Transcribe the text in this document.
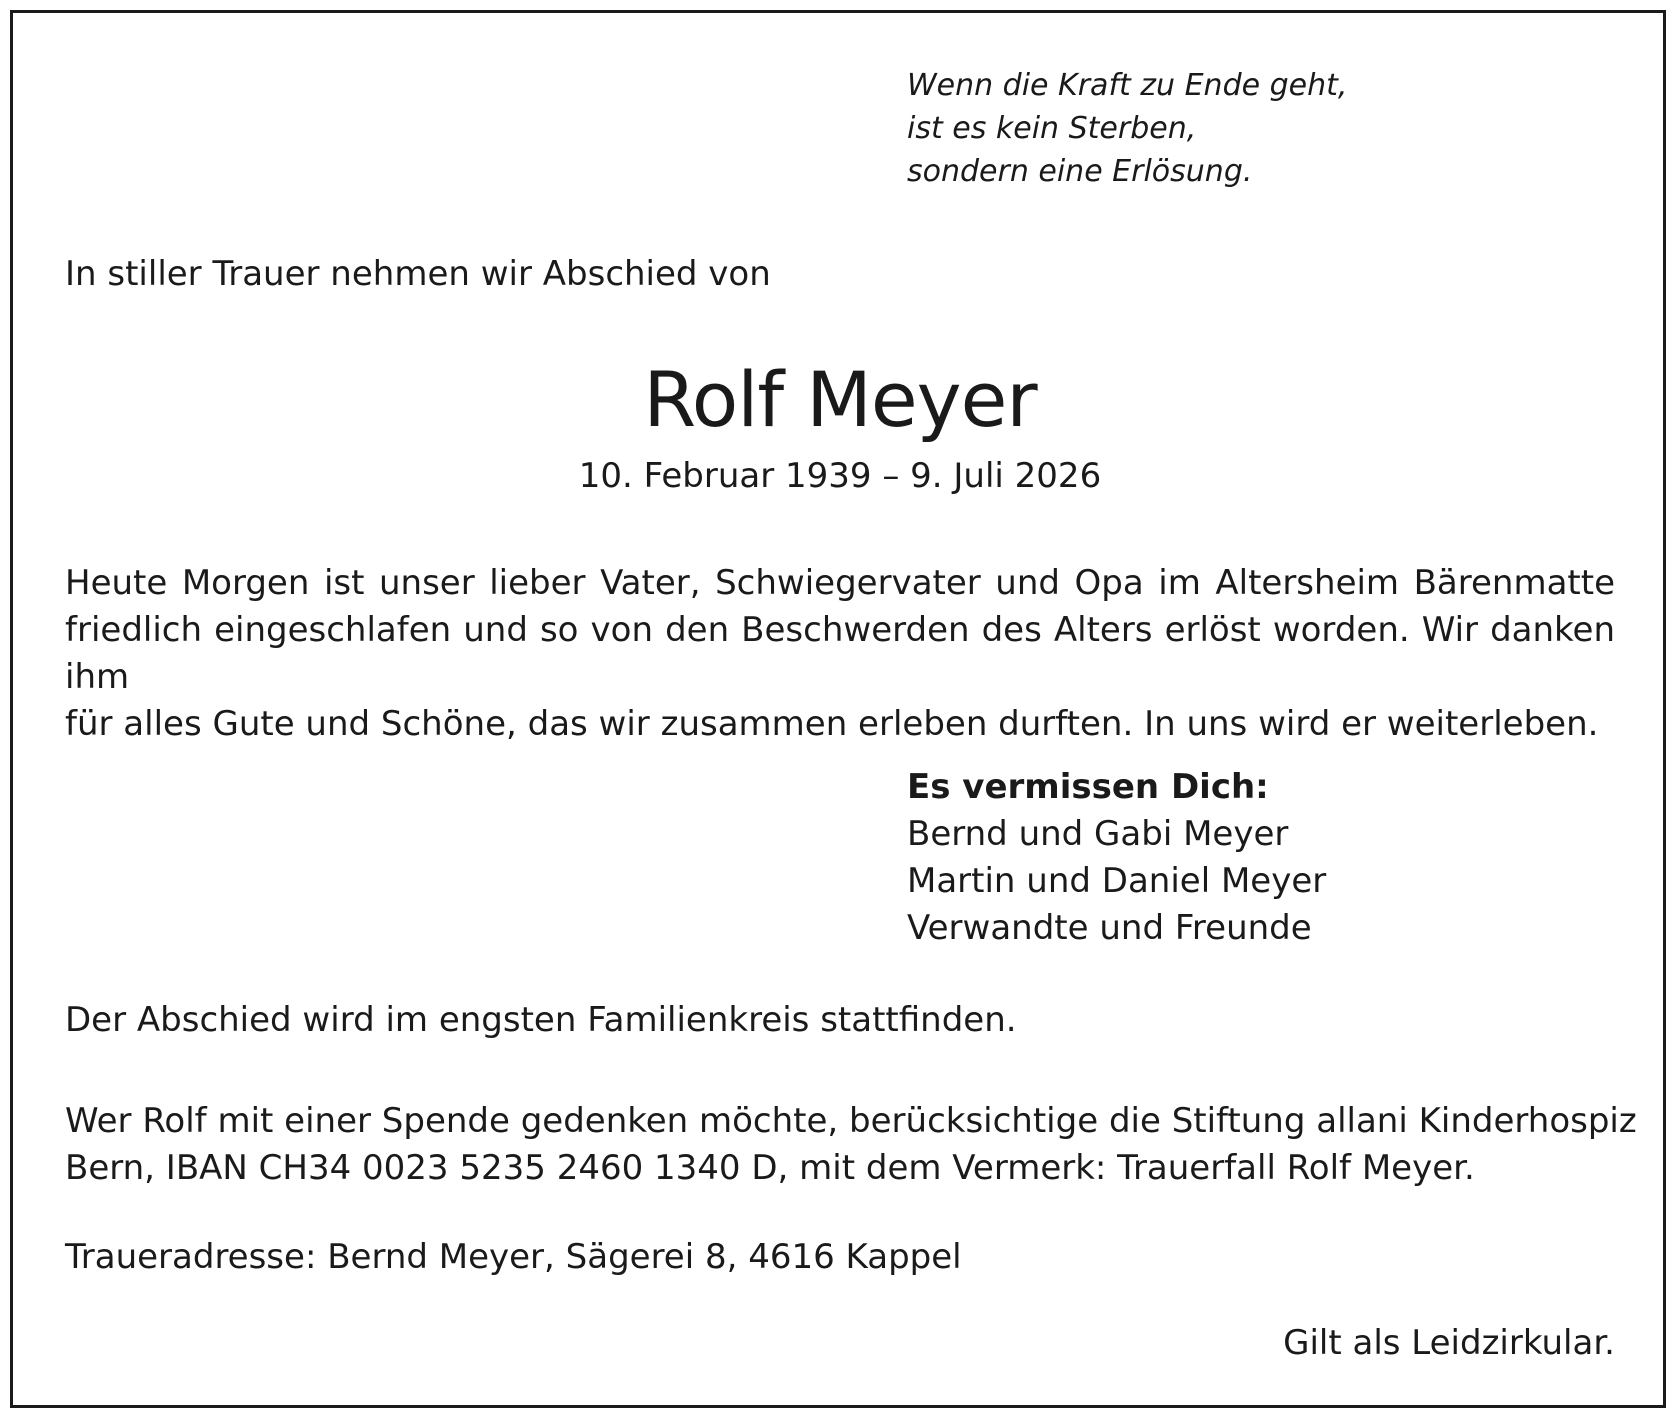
Wenn die Kraft zu Ende geht,
ist es kein Sterben,
sondern eine Erlösung.

In stiller Trauer nehmen wir Abschied von

Rolf Meyer

10. Februar 1939 – 9. Juli 2026

Heute Morgen ist unser lieber Vater, Schwiegervater und Opa im Altersheim Bärenmatte
friedlich eingeschlafen und so von den Beschwerden des Alters erlöst worden. Wir danken ihm
für alles Gute und Schöne, das wir zusammen erleben durften. In uns wird er weiterleben.
Es vermissen Dich:
Bernd und Gabi Meyer
Martin und Daniel Meyer
Verwandte und Freunde

Der Abschied wird im engsten Familienkreis stattfinden.

Wer Rolf mit einer Spende gedenken möchte, berücksichtige die Stiftung allani Kinderhospiz
Bern, IBAN CH34 0023 5235 2460 1340 D, mit dem Vermerk: Trauerfall Rolf Meyer.

Traueradresse: Bernd Meyer, Sägerei 8, 4616 Kappel

Gilt als Leidzirkular.
